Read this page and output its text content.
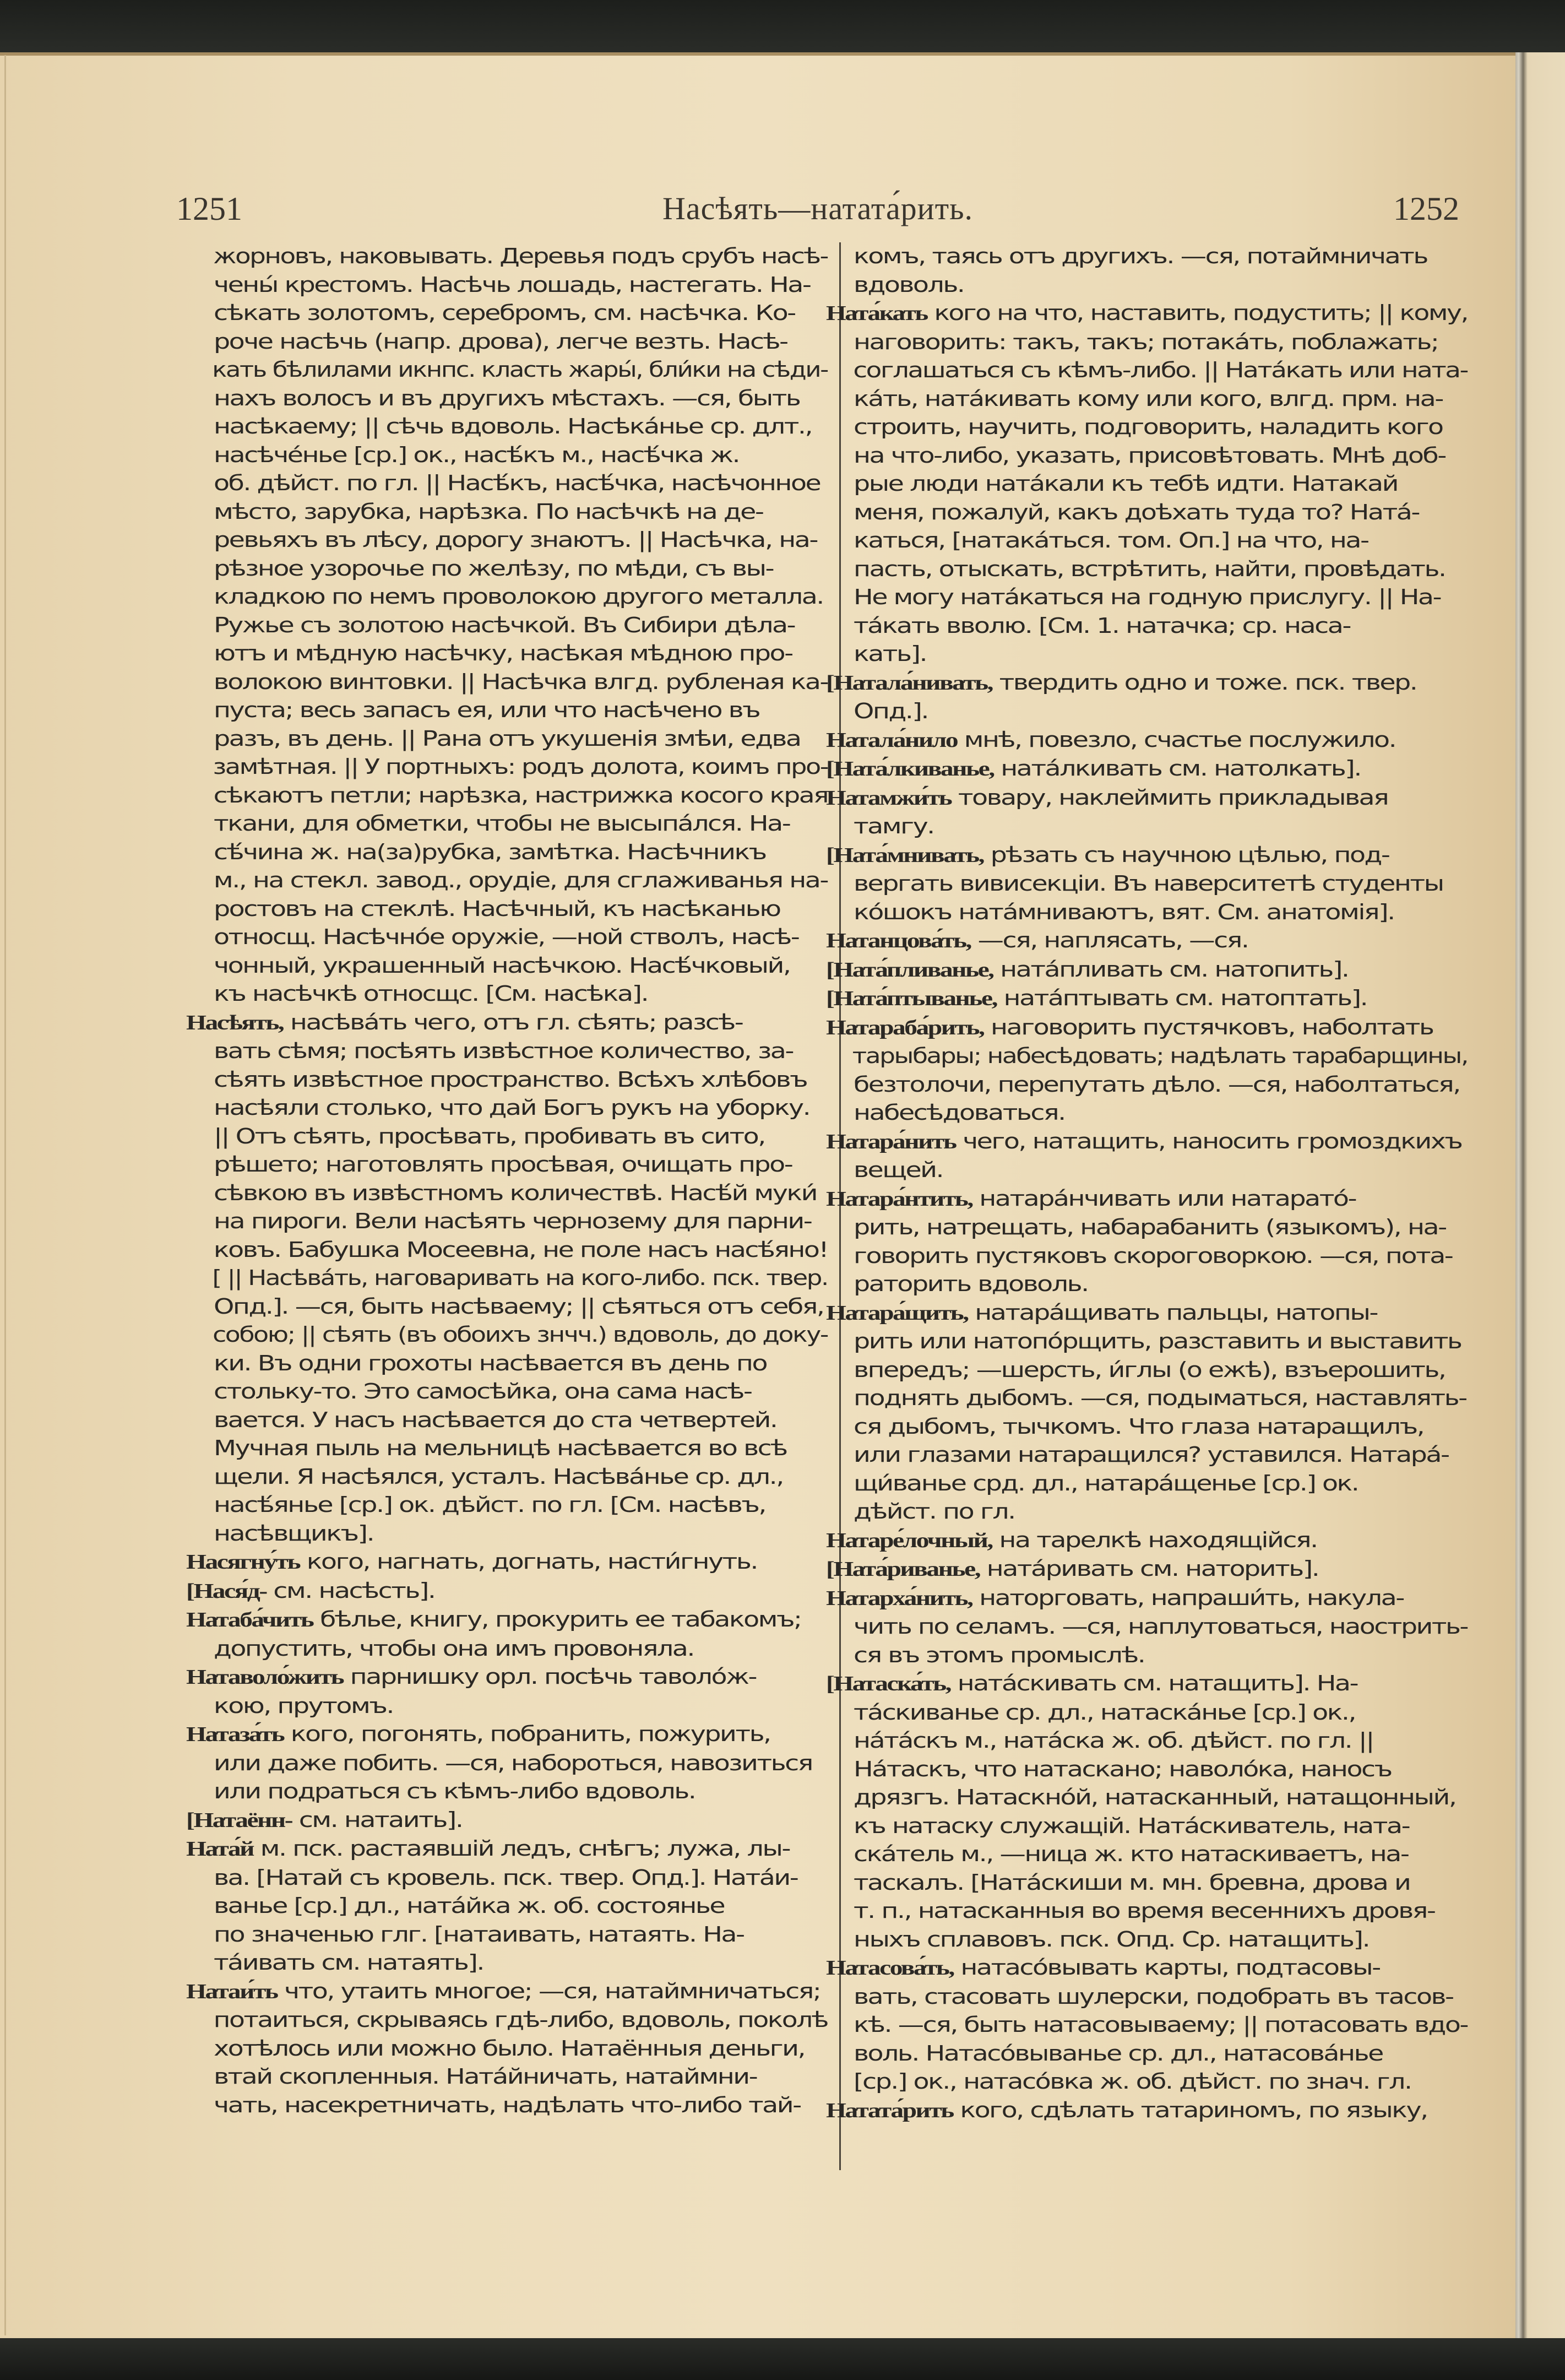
1251	Насѣять—натата́рить.	1252
жорновъ, наковывать. Деревья подъ срубъ насѣ-
чены́ крестомъ. Насѣчь лошадь, настегать. На-
сѣкать золотомъ, серебромъ, см. насѣчка. Ко-
роче насѣчь (напр. дрова), легче везть. Насѣ-
кать бѣлилами икнпс. класть жары́, бли́ки на сѣди-
нахъ волосъ и въ другихъ мѣстахъ. —ся, быть
насѣкаему; || сѣчь вдоволь. Насѣка́нье ср. длт.,
насѣче́нье [ср.] ок., насѣ́къ м., насѣ́чка ж.
об. дѣйст. по гл. || Насѣ́къ, насѣ́чка, насѣчонное
мѣсто, зарубка, нарѣзка. По насѣчкѣ на де-
ревьяхъ въ лѣсу, дорогу знаютъ. || Насѣчка, на-
рѣзное узорочье по желѣзу, по мѣди, съ вы-
кладкою по немъ проволокою другого металла.
Ружье съ золотою насѣчкой. Въ Сибири дѣла-
ютъ и мѣдную насѣчку, насѣкая мѣдною про-
волокою винтовки. || Насѣчка влгд. рубленая ка-
пуста; весь запасъ ея, или что насѣчено въ
разъ, въ день. || Рана отъ укушенія змѣи, едва
замѣтная. || У портныхъ: родъ долота, коимъ про-
сѣкаютъ петли; нарѣзка, настрижка косого края
ткани, для обметки, чтобы не высыпа́лся. На-
сѣ́чина ж. на(за)рубка, замѣтка. Насѣчникъ
м., на стекл. завод., орудіе, для сглаживанья на-
ростовъ на стеклѣ. Насѣчный, къ насѣканью
относщ. Насѣчно́е оружіе, —ной стволъ, насѣ-
чонный, украшенный насѣчкою. Насѣ́чковый,
къ насѣчкѣ относщс. [См. насѣка].
Насѣять, насѣва́ть чего, отъ гл. сѣять; разсѣ-
вать сѣмя; посѣять извѣстное количество, за-
сѣять извѣстное пространство. Всѣхъ хлѣбовъ
насѣяли столько, что дай Богъ рукъ на уборку.
|| Отъ сѣять, просѣвать, пробивать въ сито,
рѣшето; наготовлять просѣвая, очищать про-
сѣвкою въ извѣстномъ количествѣ. Насѣ́й муки́
на пироги. Вели насѣять чернозему для парни-
ковъ. Бабушка Мосеевна, не поле насъ насѣ́яно!
[ || Насѣва́ть, наговаривать на кого-либо. пск. твер.
Опд.]. —ся, быть насѣваему; || сѣяться отъ себя,
собою; || сѣять (въ обоихъ знчч.) вдоволь, до доку-
ки. Въ одни грохоты насѣвается въ день по
стольку-то. Это самосѣйка, она сама насѣ-
вается. У насъ насѣвается до ста четвертей.
Мучная пыль на мельницѣ насѣвается во всѣ
щели. Я насѣялся, усталъ. Насѣва́нье ср. дл.,
насѣ́янье [ср.] ок. дѣйст. по гл. [См. насѣвъ,
насѣвщикъ].
Насягну́ть кого, нагнать, догнать, насти́гнуть.
[Нася́д- см. насѣсть].
Натаба́чить бѣлье, книгу, прокурить ее табакомъ;
допустить, чтобы она имъ провоняла.
Натаволо́жить парнишку орл. посѣчь таволо́ж-
кою, прутомъ.
Натаза́ть кого, погонять, побранить, пожурить,
или даже побить. —ся, набороться, навозиться
или подраться съ кѣмъ-либо вдоволь.
[Натаённ- см. натаить].
Ната́й м. пск. растаявшій ледъ, снѣгъ; лужа, лы-
ва. [Натай съ кровель. пск. твер. Опд.]. Ната́и-
ванье [ср.] дл., ната́йка ж. об. состоянье
по значенью глг. [натаивать, натаять. На-
та́ивать см. натаять].
Натаи́ть что, утаить многое; —ся, натаймничаться;
потаиться, скрываясь гдѣ-либо, вдоволь, поколѣ
хотѣлось или можно было. Натаённыя деньги,
втай скопленныя. Ната́йничать, натаймни-
чать, насекретничать, надѣлать что-либо тай-
комъ, таясь отъ другихъ. —ся, потаймничать
вдоволь.
Ната́кать кого на что, наставить, подустить; || кому,
наговорить: такъ, такъ; потака́ть, поблажать;
соглашаться съ кѣмъ-либо. || Ната́кать или ната-
ка́ть, ната́кивать кому или кого, влгд. прм. на-
строить, научить, подговорить, наладить кого
на что-либо, указать, присовѣтовать. Мнѣ доб-
рые люди ната́кали къ тебѣ идти. Натакай
меня, пожалуй, какъ доѣхать туда то? Ната́-
каться, [натака́ться. том. Оп.] на что, на-
пасть, отыскать, встрѣтить, найти, провѣдать.
Не могу ната́каться на годную прислугу. || На-
та́кать вволю. [См. 1. натачка; ср. наса-
кать].
[Натала́нивать, твердить одно и тоже. пск. твер.
Опд.].
Натала́нило мнѣ, повезло, счастье послужило.
[Ната́лкиванье, ната́лкивать см. натолкать].
Натамжи́ть товару, наклеймить прикладывая
тамгу.
[Ната́мнивать, рѣзать съ научною цѣлью, под-
вергать вивисекціи. Въ наверситетѣ студенты
ко́шокъ ната́мниваютъ, вят. См. анатомія].
Натанцова́ть, —ся, наплясать, —ся.
[Ната́пливанье, ната́пливать см. натопить].
[Ната́птыванье, ната́птывать см. натоптать].
Натараба́рить, наговорить пустячковъ, наболтать
тарыбары; набесѣдовать; надѣлать тарабарщины,
безтолочи, перепутать дѣло. —ся, наболтаться,
набесѣдоваться.
Натара́нить чего, натащить, наносить громоздкихъ
вещей.
Натара́нтить, натара́нчивать или натарато́-
рить, натрещать, набарабанить (языкомъ), на-
говорить пустяковъ скороговоркою. —ся, пота-
раторить вдоволь.
Натара́щить, натара́щивать пальцы, натопы-
рить или натопо́рщить, разставить и выставить
впередъ; —шерсть, и́глы (о ежѣ), взъерошить,
поднять дыбомъ. —ся, подыматься, наставлять-
ся дыбомъ, тычкомъ. Что глаза натаращилъ,
или глазами натаращился? уставился. Натара́-
щи́ванье срд. дл., натара́щенье [ср.] ок.
дѣйст. по гл.
Натаре́лочный, на тарелкѣ находящійся.
[Ната́риванье, ната́ривать см. наторить].
Натарха́нить, наторговать, напраши́ть, накула-
чить по селамъ. —ся, наплутоваться, наострить-
ся въ этомъ промыслѣ.
[Натаска́ть, ната́скивать см. натащить]. На-
та́скиванье ср. дл., натаска́нье [ср.] ок.,
на́та́скъ м., ната́ска ж. об. дѣйст. по гл. ||
На́таскъ, что натаскано; наволо́ка, наносъ
дрязгъ. Натаскно́й, натасканный, натащонный,
къ натаску служащій. Ната́скиватель, ната-
ска́тель м., —ница ж. кто натаскиваетъ, на-
таскалъ. [Ната́скиши м. мн. бревна, дрова и
т. п., натасканныя во время весеннихъ дровя-
ныхъ сплавовъ. пск. Опд. Ср. натащить].
Натасова́ть, натасо́вывать карты, подтасовы-
вать, стасовать шулерски, подобрать въ тасов-
кѣ. —ся, быть натасовываему; || потасовать вдо-
воль. Натасо́вываньe ср. дл., натасова́нье
[ср.] ок., натасо́вка ж. об. дѣйст. по знач. гл.
Натата́рить кого, сдѣлать татариномъ, по языку,
